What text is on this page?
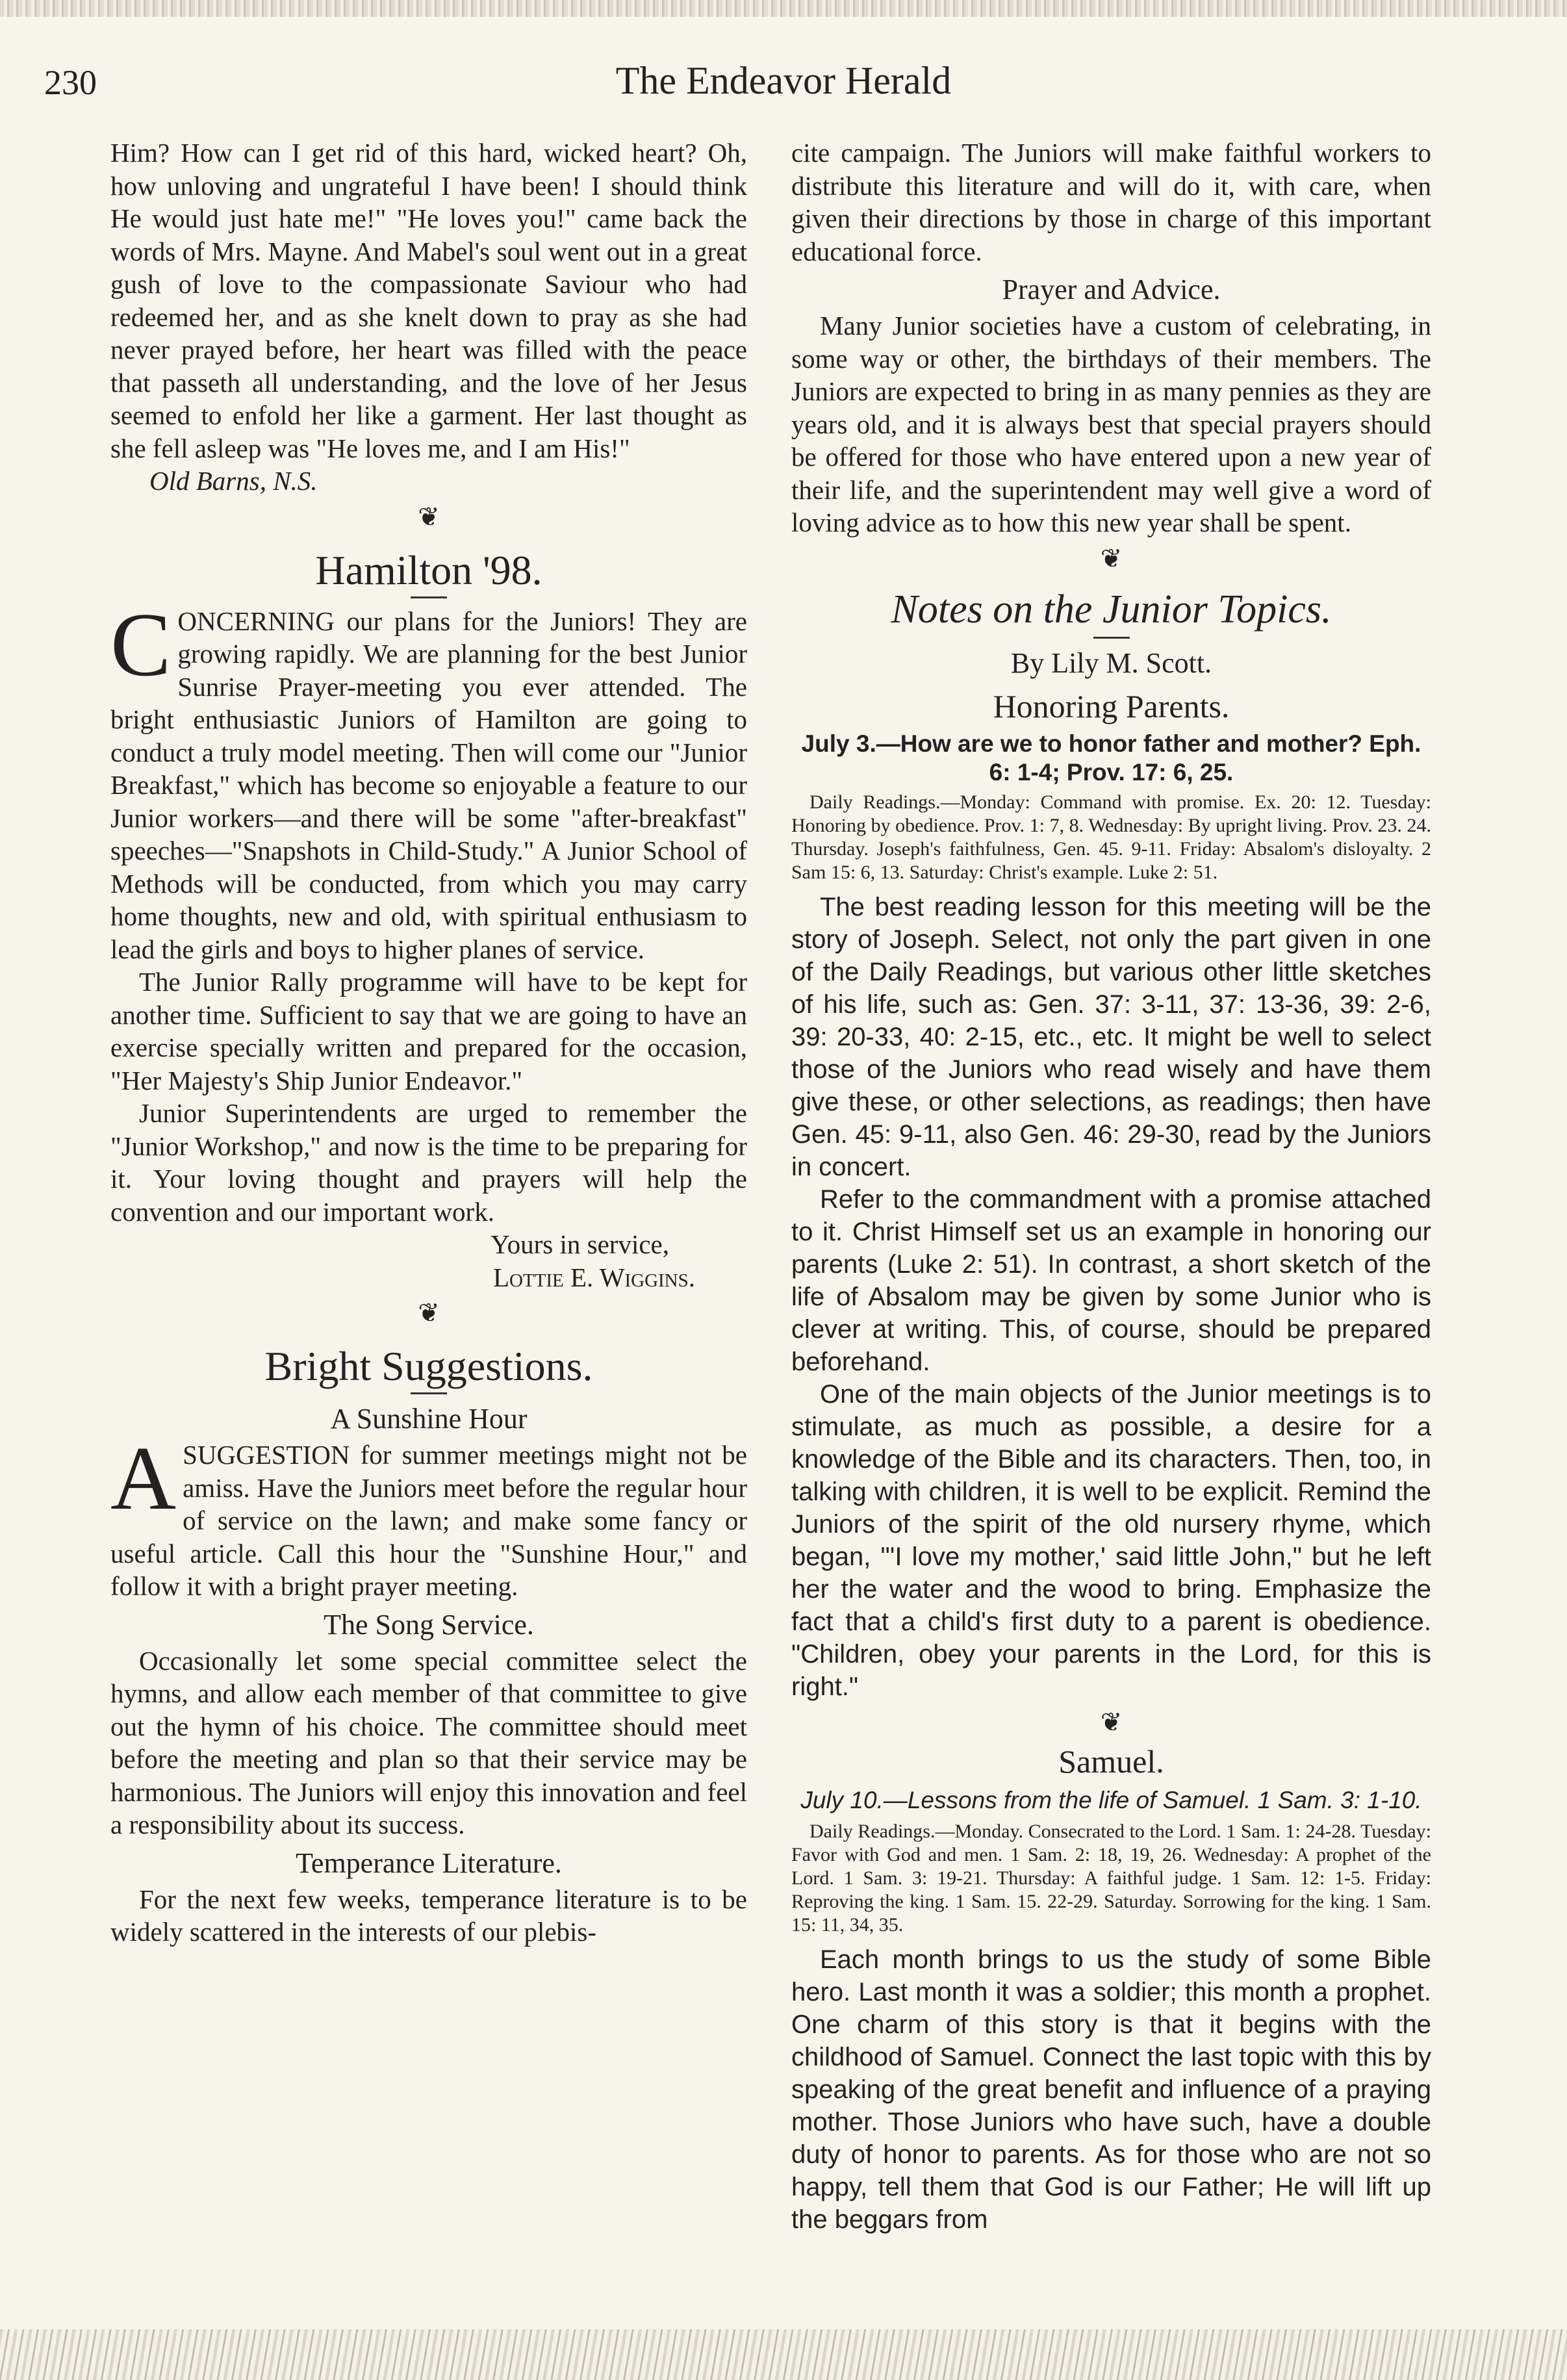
230	The Endeavor Herald

Him? How can I get rid of this hard, wicked heart? Oh, how unloving and ungrateful I have been! I should think He would just hate me!" "He loves you!" came back the words of Mrs. Mayne. And Mabel's soul went out in a great gush of love to the compassionate Saviour who had redeemed her, and as she knelt down to pray as she had never prayed before, her heart was filled with the peace that passeth all understanding, and the love of her Jesus seemed to enfold her like a garment. Her last thought as she fell asleep was "He loves me, and I am His!"

Old Barns, N.S.

❦
Hamilton '98.

CONCERNING our plans for the Juniors! They are growing rapidly. We are planning for the best Junior Sunrise Prayer-meeting you ever attended. The bright enthusiastic Juniors of Hamilton are going to conduct a truly model meeting. Then will come our "Junior Breakfast," which has become so enjoyable a feature to our Junior workers—and there will be some "after-breakfast" speeches—"Snapshots in Child-Study." A Junior School of Methods will be conducted, from which you may carry home thoughts, new and old, with spiritual enthusiasm to lead the girls and boys to higher planes of service.

The Junior Rally programme will have to be kept for another time. Sufficient to say that we are going to have an exercise specially written and prepared for the occasion, "Her Majesty's Ship Junior Endeavor."

Junior Superintendents are urged to remember the "Junior Workshop," and now is the time to be preparing for it. Your loving thought and prayers will help the convention and our important work.

Yours in service,

Lottie E. Wiggins.

❦
Bright Suggestions.
A Sunshine Hour

ASUGGESTION for summer meetings might not be amiss. Have the Juniors meet before the regular hour of service on the lawn; and make some fancy or useful article. Call this hour the "Sunshine Hour," and follow it with a bright prayer meeting.

The Song Service.

Occasionally let some special committee select the hymns, and allow each member of that committee to give out the hymn of his choice. The committee should meet before the meeting and plan so that their service may be harmonious. The Juniors will enjoy this innovation and feel a responsibility about its success.

Temperance Literature.

For the next few weeks, temperance literature is to be widely scattered in the interests of our plebis-

cite campaign. The Juniors will make faithful workers to distribute this literature and will do it, with care, when given their directions by those in charge of this important educational force.

Prayer and Advice.

Many Junior societies have a custom of celebrating, in some way or other, the birthdays of their members. The Juniors are expected to bring in as many pennies as they are years old, and it is always best that special prayers should be offered for those who have entered upon a new year of their life, and the superintendent may well give a word of loving advice as to how this new year shall be spent.

❦
Notes on the Junior Topics.
By Lily M. Scott.
Honoring Parents.
July 3.—How are we to honor father and mother? Eph. 6: 1-4; Prov. 17: 6, 25.

Daily Readings.—Monday: Command with promise. Ex. 20: 12. Tuesday: Honoring by obedience. Prov. 1: 7, 8. Wednesday: By upright living. Prov. 23. 24. Thursday. Joseph's faithfulness, Gen. 45. 9-11. Friday: Absalom's disloyalty. 2 Sam 15: 6, 13. Saturday: Christ's example. Luke 2: 51.

The best reading lesson for this meeting will be the story of Joseph. Select, not only the part given in one of the Daily Readings, but various other little sketches of his life, such as: Gen. 37: 3-11, 37: 13-36, 39: 2-6, 39: 20-33, 40: 2-15, etc., etc. It might be well to select those of the Juniors who read wisely and have them give these, or other selections, as readings; then have Gen. 45: 9-11, also Gen. 46: 29-30, read by the Juniors in concert.

Refer to the commandment with a promise attached to it. Christ Himself set us an example in honoring our parents (Luke 2: 51). In contrast, a short sketch of the life of Absalom may be given by some Junior who is clever at writing. This, of course, should be prepared beforehand.

One of the main objects of the Junior meetings is to stimulate, as much as possible, a desire for a knowledge of the Bible and its characters. Then, too, in talking with children, it is well to be explicit. Remind the Juniors of the spirit of the old nursery rhyme, which began, "'I love my mother,' said little John," but he left her the water and the wood to bring. Emphasize the fact that a child's first duty to a parent is obedience. "Children, obey your parents in the Lord, for this is right."

❦
Samuel.
July 10.—Lessons from the life of Samuel. 1 Sam. 3: 1-10.

Daily Readings.—Monday. Consecrated to the Lord. 1 Sam. 1: 24-28. Tuesday: Favor with God and men. 1 Sam. 2: 18, 19, 26. Wednesday: A prophet of the Lord. 1 Sam. 3: 19-21. Thursday: A faithful judge. 1 Sam. 12: 1-5. Friday: Reproving the king. 1 Sam. 15. 22-29. Saturday. Sorrowing for the king. 1 Sam. 15: 11, 34, 35.

Each month brings to us the study of some Bible hero. Last month it was a soldier; this month a prophet. One charm of this story is that it begins with the childhood of Samuel. Connect the last topic with this by speaking of the great benefit and influence of a praying mother. Those Juniors who have such, have a double duty of honor to parents. As for those who are not so happy, tell them that God is our Father; He will lift up the beggars from
